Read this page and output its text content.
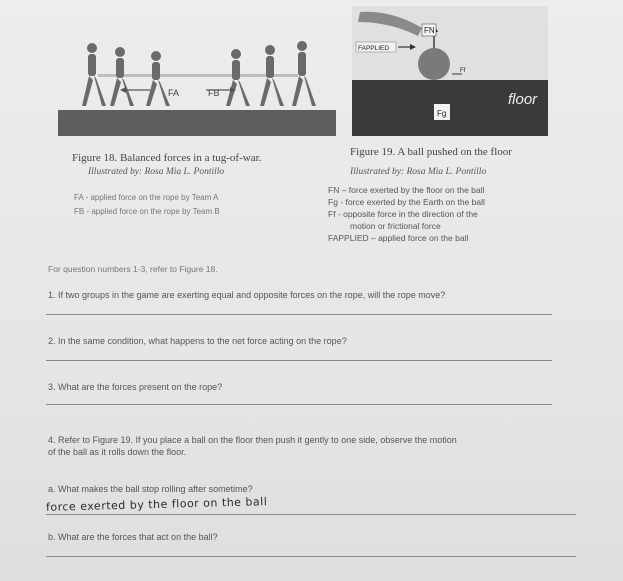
FA	FB
FN
FAPPLIED
Ff
Fg
floor
Figure 18. Balanced forces in a tug-of-war.
Illustrated by: Rosa Mia L. Pontillo
Figure 19. A ball pushed on the floor
Illustrated by: Rosa Mia L. Pontillo
FA - applied force on the rope by Team A
FB - applied force on the rope by Team B
FN – force exerted by the floor on the ball
Fg - force exerted by the Earth on the ball
Ff - opposite force in the direction of the
motion or frictional force
FAPPLIED – applied force on the ball
For question numbers 1-3, refer to Figure 18.
1. If two groups in the game are exerting equal and opposite forces on the rope, will the rope move?
2. In the same condition, what happens to the net force acting on the rope?
3. What are the forces present on the rope?
4. Refer to Figure 19. If you place a ball on the floor then push it gently to one side, observe the motion
of the ball as it rolls down the floor.
a. What makes the ball stop rolling after sometime?
force exerted by the floor on the ball
b. What are the forces that act on the ball?
